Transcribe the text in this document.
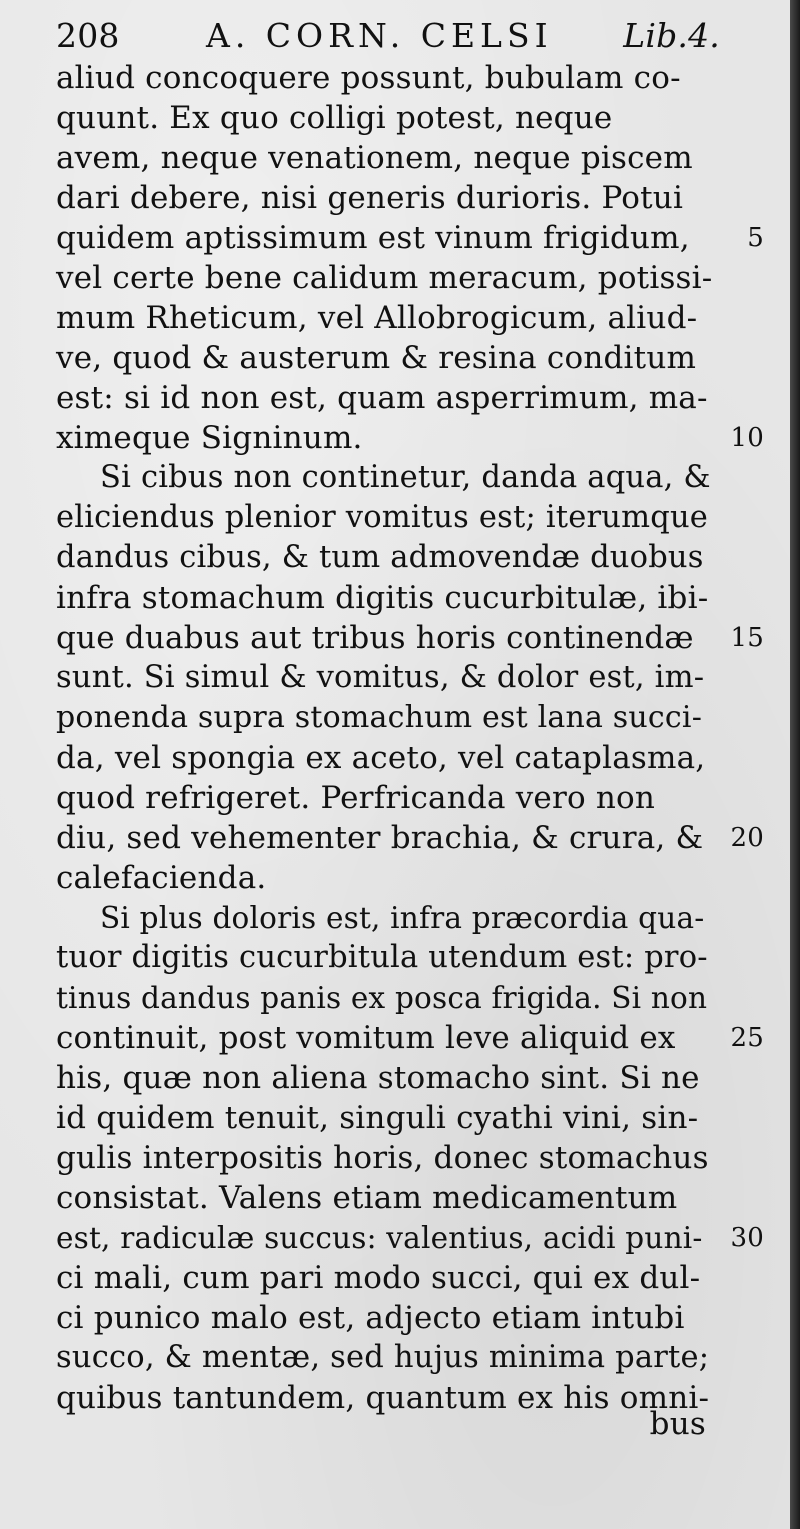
208	A. CORN. CELSI Lib.4.
aliud concoquere possunt, bubulam co-
quunt. Ex quo colligi potest, neque
avem, neque venationem, neque piscem
dari debere, nisi generis durioris. Potui
quidem aptissimum est vinum frigidum,
vel certe bene calidum meracum, potissi-
mum Rheticum, vel Allobrogicum, aliud-
ve, quod & austerum & resina conditum
est: si id non est, quam asperrimum, ma-
ximeque Signinum.
Si cibus non continetur, danda aqua, &
eliciendus plenior vomitus est; iterumque
dandus cibus, & tum admovendæ duobus
infra stomachum digitis cucurbitulæ, ibi-
que duabus aut tribus horis continendæ
sunt. Si simul & vomitus, & dolor est, im-
ponenda supra stomachum est lana succi-
da, vel spongia ex aceto, vel cataplasma,
quod refrigeret. Perfricanda vero non
diu, sed vehementer brachia, & crura, &
calefacienda.
Si plus doloris est, infra præcordia qua-
tuor digitis cucurbitula utendum est: pro-
tinus dandus panis ex posca frigida. Si non
continuit, post vomitum leve aliquid ex
his, quæ non aliena stomacho sint. Si ne
id quidem tenuit, singuli cyathi vini, sin-
gulis interpositis horis, donec stomachus
consistat. Valens etiam medicamentum
est, radiculæ succus: valentius, acidi puni-
ci mali, cum pari modo succi, qui ex dul-
ci punico malo est, adjecto etiam intubi
succo, & mentæ, sed hujus minima parte;
quibus tantundem, quantum ex his omni-
bus
5
10
15
20
25
30
